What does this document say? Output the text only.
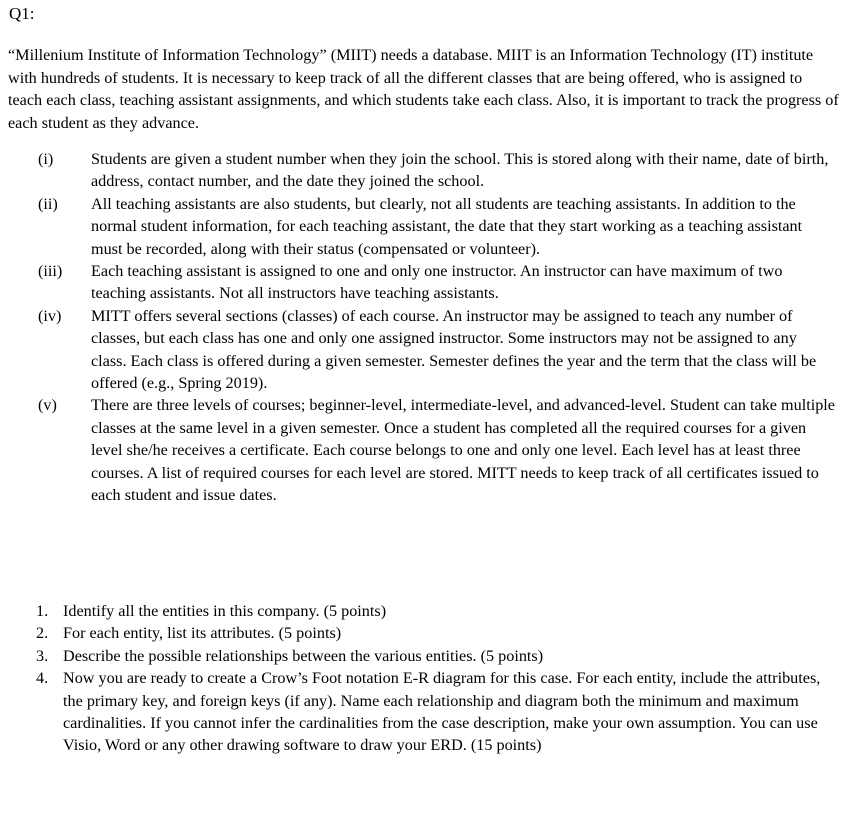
Q1:
“Millenium Institute of Information Technology” (MIIT) needs a database. MIIT is an Information Technology (IT) institute with hundreds of students. It is necessary to keep track of all the different classes that are being offered, who is assigned to teach each class, teaching assistant assignments, and which students take each class. Also, it is important to track the progress of each student as they advance.
(i)	Students are given a student number when they join the school. This is stored along with their name, date of birth, address, contact number, and the date they joined the school.
(ii)	All teaching assistants are also students, but clearly, not all students are teaching assistants. In addition to the normal student information, for each teaching assistant, the date that they start working as a teaching assistant must be recorded, along with their status (compensated or volunteer).
(iii)	Each teaching assistant is assigned to one and only one instructor. An instructor can have maximum of two teaching assistants. Not all instructors have teaching assistants.
(iv)	MITT offers several sections (classes) of each course. An instructor may be assigned to teach any number of classes, but each class has one and only one assigned instructor. Some instructors may not be assigned to any class. Each class is offered during a given semester. Semester defines the year and the term that the class will be offered (e.g., Spring 2019).
(v)	There are three levels of courses; beginner-level, intermediate-level, and advanced-level. Student can take multiple classes at the same level in a given semester. Once a student has completed all the required courses for a given level she/he receives a certificate. Each course belongs to one and only one level. Each level has at least three courses. A list of required courses for each level are stored. MITT needs to keep track of all certificates issued to each student and issue dates.
1. Identify all the entities in this company. (5 points)
2. For each entity, list its attributes. (5 points)
3. Describe the possible relationships between the various entities. (5 points)
4. Now you are ready to create a Crow’s Foot notation E-R diagram for this case. For each entity, include the attributes, the primary key, and foreign keys (if any). Name each relationship and diagram both the minimum and maximum cardinalities. If you cannot infer the cardinalities from the case description, make your own assumption. You can use Visio, Word or any other drawing software to draw your ERD. (15 points)
